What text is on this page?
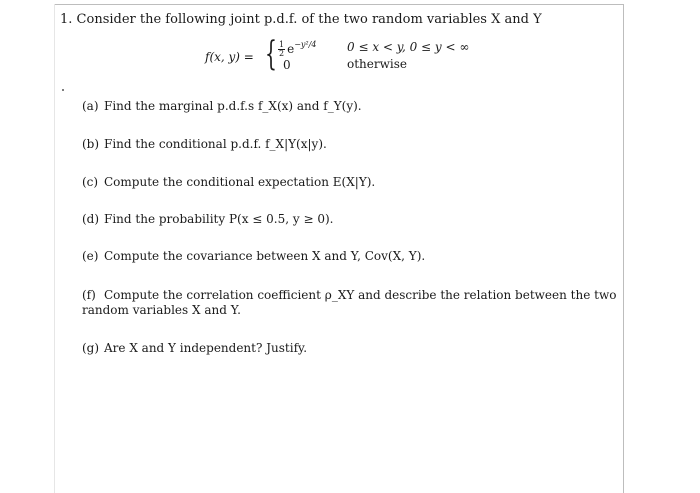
1. Consider the following joint p.d.f. of the two random variables X and Y
f(x, y) = { $\frac{1}{2} e^{-y^2/4}$	0 ≤ x < y, 0 ≤ y < ∞
0	otherwise
(a) Find the marginal p.d.f.s f_X(x) and f_Y(y).
(b) Find the conditional p.d.f. f_X|Y(x|y).
(c) Compute the conditional expectation E(X|Y).
(d) Find the probability P(x ≤ 0.5, y ≥ 0).
(e) Compute the covariance between X and Y, Cov(X, Y).
(f) Compute the correlation coefficient ρ_XY and describe the relation between the two random variables X and Y.
(g) Are X and Y independent? Justify.
